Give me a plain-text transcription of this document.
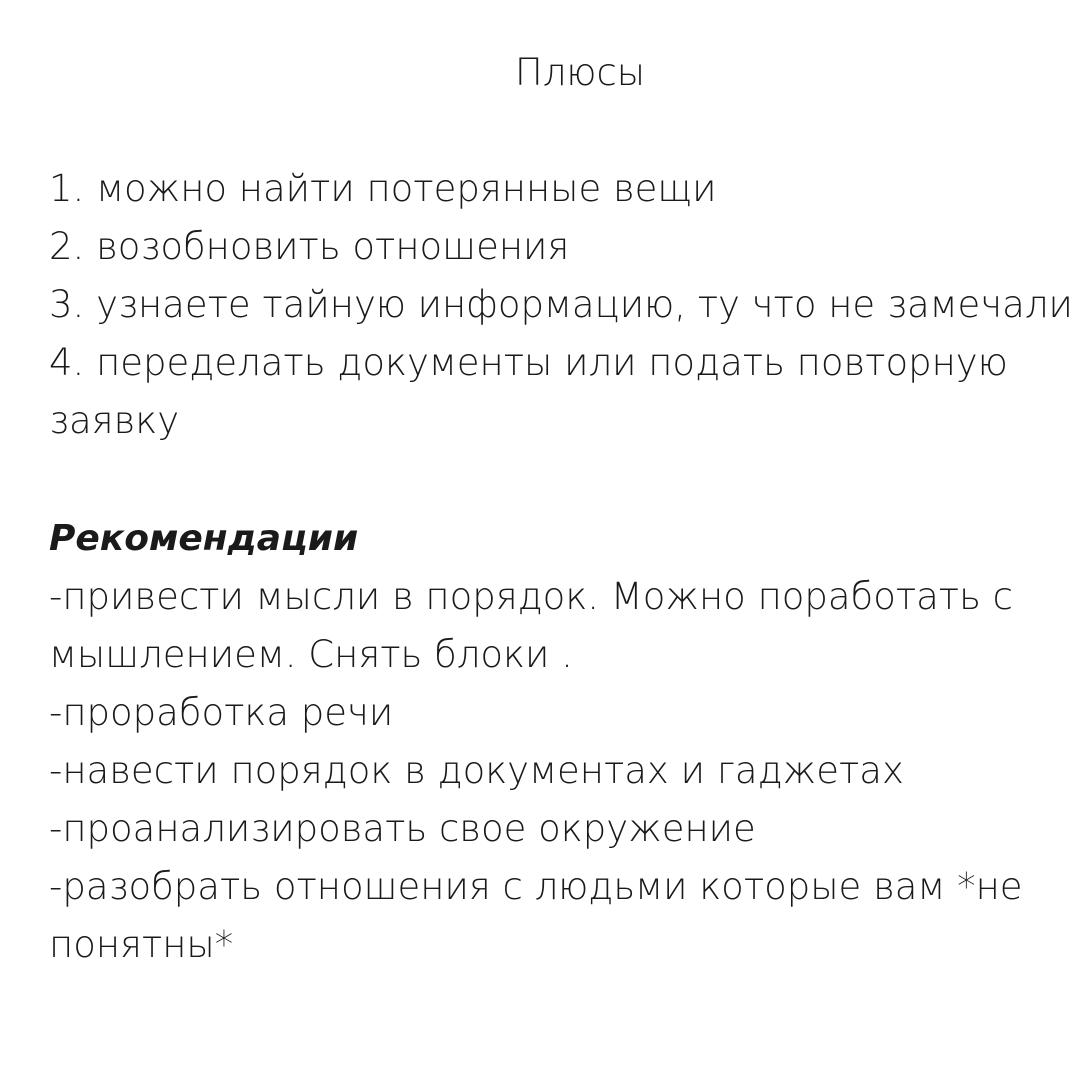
Плюсы
1. можно найти потерянные вещи
2. возобновить отношения
3. узнаете тайную информацию, ту что не замечали
4. переделать документы или подать повторную заявку
Рекомендации
-привести мысли в порядок. Можно поработать с мышлением. Снять блоки .
-проработка речи
-навести порядок в документах и гаджетах
-проанализировать свое окружение
-разобрать отношения с людьми которые вам *не понятны*
